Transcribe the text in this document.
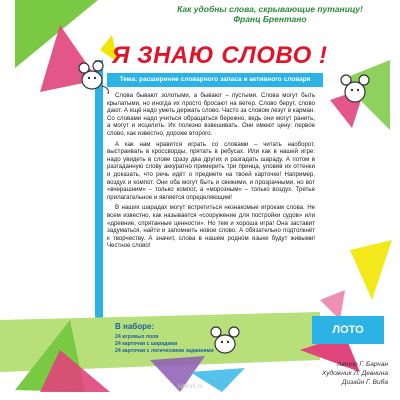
Как удобны слова, скрывающие путаницу!
Франц Брентано
Я ЗНАЮ СЛОВО !
Тема: расширение словарного запаса и активного словаря

Слова бывают золотыми, а бывают – пустыми. Слова могут быть крылатыми, но иногда их просто бросают на ветер. Слово берут, слово дают. А ещё надо уметь держать слово. Часто за словом лезут в карман. Со словами надо учиться обращаться бережно, ведь они могут ранить, а могут и исцелить. Их полезно взвешивать. Они имеют цену: первое слово, как известно, дороже второго.

А как нам нравится играть со словами – читать наоборот, выстраивать в кроссворды, прятать в ребусах. Или как в нашей игре: надо увидеть в слове сразу два других и разгадать шараду. А потом в разгаданную слову аккуратно примерить три принца, уловив их оттенки и доказать, что речь идёт о предмете на твоей карточке! Например, воздух и компот. Они оба могут быть и свежими, и прозрачными, но вот «вчерашним» – только компот, а «морозным» – только воздух. Третье прилагательное и является определяющим!

В наших шарадах могут встретиться незнакомые игрокам слова. Не всем известно, как называется «сооружение для постройки судов» или «древние, спрятанные ценности». Но тем и хороша игра! Она заставит задуматься, найти и запомнить новое слово. А обязательно подтолкнёт к творчеству. А значит, слова в нашем родном языке будут живыми! Честное слово!

В наборе:
24 игровых поля
24 карточки с шарадами
24 карточки с логическими заданиями
ЛОТО
Автор Г. Барчан
Художник Л. Девнина
Дизайн Г. Виба
labirint.ru
